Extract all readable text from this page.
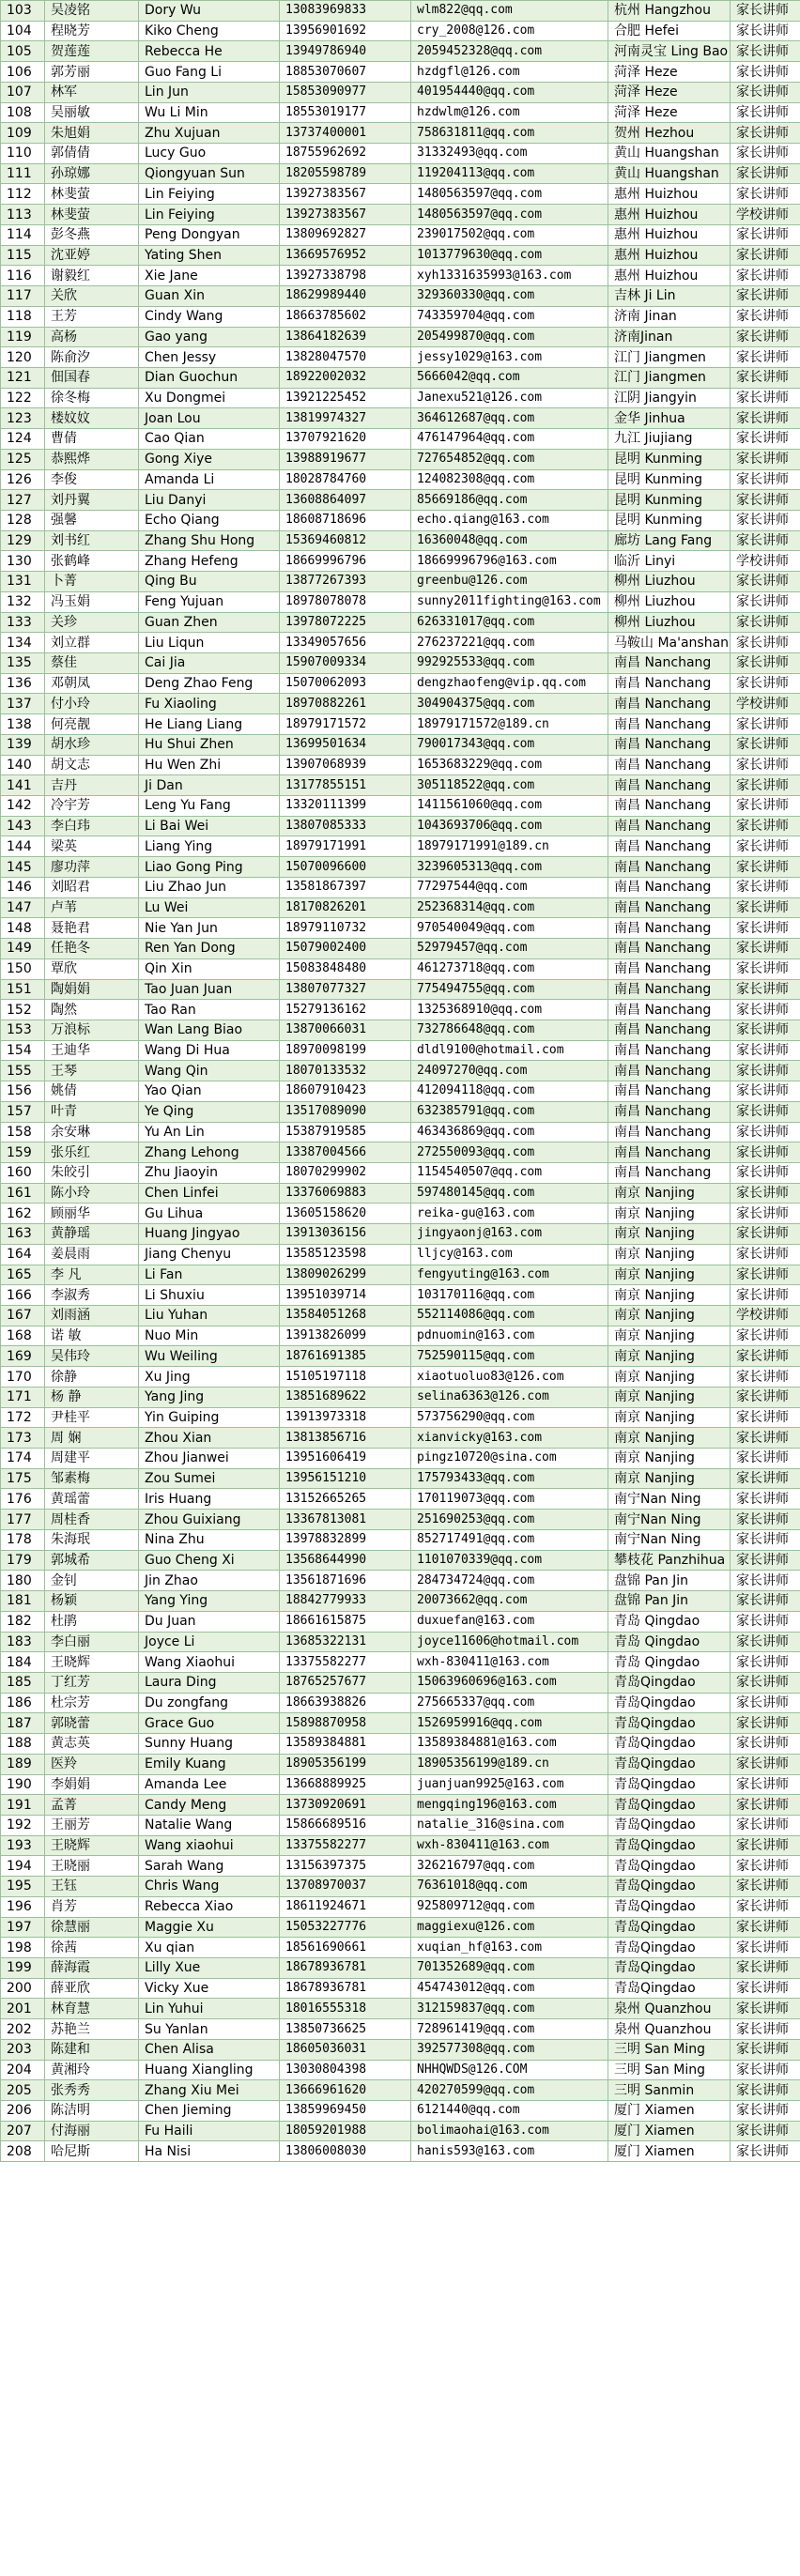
103	吴凌铭	Dory Wu	13083969833	wlm822@qq.com	杭州 Hangzhou	家长讲师
104	程晓芳	Kiko Cheng	13956901692	cry_2008@126.com	合肥 Hefei	家长讲师
105	贺莲莲	Rebecca He	13949786940	2059452328@qq.com	河南灵宝 Ling Bao	家长讲师
106	郭芳丽	Guo Fang Li	18853070607	hzdgfl@126.com	菏泽 Heze	家长讲师
107	林军	Lin Jun	15853090977	401954440@qq.com	菏泽 Heze	家长讲师
108	吴丽敏	Wu Li Min	18553019177	hzdwlm@126.com	菏泽 Heze	家长讲师
109	朱旭娟	Zhu Xujuan	13737400001	758631811@qq.com	贺州 Hezhou	家长讲师
110	郭倩倩	Lucy Guo	18755962692	31332493@qq.com	黄山 Huangshan	家长讲师
111	孙琼娜	Qiongyuan Sun	18205598789	119204113@qq.com	黄山 Huangshan	家长讲师
112	林斐萤	Lin Feiying	13927383567	1480563597@qq.com	惠州 Huizhou	家长讲师
113	林斐萤	Lin Feiying	13927383567	1480563597@qq.com	惠州 Huizhou	学校讲师
114	彭冬燕	Peng Dongyan	13809692827	239017502@qq.com	惠州 Huizhou	家长讲师
115	沈亚婷	Yating Shen	13669576952	1013779630@qq.com	惠州 Huizhou	家长讲师
116	谢毅红	Xie Jane	13927338798	xyh1331635993@163.com	惠州 Huizhou	家长讲师
117	关欣	Guan Xin	18629989440	329360330@qq.com	吉林 Ji Lin	家长讲师
118	王芳	Cindy Wang	18663785602	743359704@qq.com	济南 Jinan	家长讲师
119	高杨	Gao yang	13864182639	205499870@qq.com	济南Jinan	家长讲师
120	陈俞汐	Chen Jessy	13828047570	jessy1029@163.com	江门 Jiangmen	家长讲师
121	佃国春	Dian Guochun	18922002032	5666042@qq.com	江门 Jiangmen	家长讲师
122	徐冬梅	Xu Dongmei	13921225452	Janexu521@126.com	江阴 Jiangyin	家长讲师
123	楼妏妏	Joan Lou	13819974327	364612687@qq.com	金华 Jinhua	家长讲师
124	曹倩	Cao Qian	13707921620	476147964@qq.com	九江 Jiujiang	家长讲师
125	恭熙烨	Gong Xiye	13988919677	727654852@qq.com	昆明 Kunming	家长讲师
126	李俊	Amanda Li	18028784760	124082308@qq.com	昆明 Kunming	家长讲师
127	刘丹翼	Liu Danyi	13608864097	85669186@qq.com	昆明 Kunming	家长讲师
128	强馨	Echo Qiang	18608718696	echo.qiang@163.com	昆明 Kunming	家长讲师
129	刘书红	Zhang Shu Hong	15369460812	16360048@qq.com	廊坊 Lang Fang	家长讲师
130	张鹤峰	Zhang Hefeng	18669996796	18669996796@163.com	临沂 Linyi	学校讲师
131	卜菁	Qing Bu	13877267393	greenbu@126.com	柳州 Liuzhou	家长讲师
132	冯玉娟	Feng Yujuan	18978078078	sunny2011fighting@163.com	柳州 Liuzhou	家长讲师
133	关珍	Guan Zhen	13978072225	626331017@qq.com	柳州 Liuzhou	家长讲师
134	刘立群	Liu Liqun	13349057656	276237221@qq.com	马鞍山 Ma'anshan	家长讲师
135	蔡佳	Cai Jia	15907009334	992925533@qq.com	南昌 Nanchang	家长讲师
136	邓朝凤	Deng Zhao Feng	15070062093	dengzhaofeng@vip.qq.com	南昌 Nanchang	家长讲师
137	付小玲	Fu Xiaoling	18970882261	304904375@qq.com	南昌 Nanchang	学校讲师
138	何亮靓	He Liang Liang	18979171572	18979171572@189.cn	南昌 Nanchang	家长讲师
139	胡水珍	Hu Shui Zhen	13699501634	790017343@qq.com	南昌 Nanchang	家长讲师
140	胡文志	Hu Wen Zhi	13907068939	1653683229@qq.com	南昌 Nanchang	家长讲师
141	吉丹	Ji Dan	13177855151	305118522@qq.com	南昌 Nanchang	家长讲师
142	冷宇芳	Leng Yu Fang	13320111399	1411561060@qq.com	南昌 Nanchang	家长讲师
143	李白玮	Li Bai Wei	13807085333	1043693706@qq.com	南昌 Nanchang	家长讲师
144	梁英	Liang Ying	18979171991	18979171991@189.cn	南昌 Nanchang	家长讲师
145	廖功萍	Liao Gong Ping	15070096600	3239605313@qq.com	南昌 Nanchang	家长讲师
146	刘昭君	Liu Zhao Jun	13581867397	77297544@qq.com	南昌 Nanchang	家长讲师
147	卢苇	Lu Wei	18170826201	252368314@qq.com	南昌 Nanchang	家长讲师
148	聂艳君	Nie Yan Jun	18979110732	970540049@qq.com	南昌 Nanchang	家长讲师
149	任艳冬	Ren Yan Dong	15079002400	52979457@qq.com	南昌 Nanchang	家长讲师
150	覃欣	Qin Xin	15083848480	461273718@qq.com	南昌 Nanchang	家长讲师
151	陶娟娟	Tao Juan Juan	13807077327	775494755@qq.com	南昌 Nanchang	家长讲师
152	陶然	Tao Ran	15279136162	1325368910@qq.com	南昌 Nanchang	家长讲师
153	万浪标	Wan Lang Biao	13870066031	732786648@qq.com	南昌 Nanchang	家长讲师
154	王迪华	Wang Di Hua	18970098199	dldl9100@hotmail.com	南昌 Nanchang	家长讲师
155	王琴	Wang Qin	18070133532	24097270@qq.com	南昌 Nanchang	家长讲师
156	姚倩	Yao Qian	18607910423	412094118@qq.com	南昌 Nanchang	家长讲师
157	叶青	Ye Qing	13517089090	632385791@qq.com	南昌 Nanchang	家长讲师
158	余安琳	Yu An Lin	15387919585	463436869@qq.com	南昌 Nanchang	家长讲师
159	张乐红	Zhang Lehong	13387004566	272550093@qq.com	南昌 Nanchang	家长讲师
160	朱皎引	Zhu Jiaoyin	18070299902	1154540507@qq.com	南昌 Nanchang	家长讲师
161	陈小玲	Chen Linfei	13376069883	597480145@qq.com	南京 Nanjing	家长讲师
162	顾丽华	Gu Lihua	13605158620	reika-gu@163.com	南京 Nanjing	家长讲师
163	黄静瑶	Huang Jingyao	13913036156	jingyaonj@163.com	南京 Nanjing	家长讲师
164	姜晨雨	Jiang Chenyu	13585123598	lljcy@163.com	南京 Nanjing	家长讲师
165	李 凡	Li Fan	13809026299	fengyuting@163.com	南京 Nanjing	家长讲师
166	李淑秀	Li Shuxiu	13951039714	103170116@qq.com	南京 Nanjing	家长讲师
167	刘雨涵	Liu Yuhan	13584051268	552114086@qq.com	南京 Nanjing	学校讲师
168	诺 敏	Nuo Min	13913826099	pdnuomin@163.com	南京 Nanjing	家长讲师
169	吴伟玲	Wu Weiling	18761691385	752590115@qq.com	南京 Nanjing	家长讲师
170	徐静	Xu Jing	15105197118	xiaotuoluo83@126.com	南京 Nanjing	家长讲师
171	杨 静	Yang Jing	13851689622	selina6363@126.com	南京 Nanjing	家长讲师
172	尹桂平	Yin Guiping	13913973318	573756290@qq.com	南京 Nanjing	家长讲师
173	周 娴	Zhou Xian	13813856716	xianvicky@163.com	南京 Nanjing	家长讲师
174	周建平	Zhou Jianwei	13951606419	pingz10720@sina.com	南京 Nanjing	家长讲师
175	邹素梅	Zou Sumei	13956151210	175793433@qq.com	南京 Nanjing	家长讲师
176	黄瑶蕾	Iris Huang	13152665265	170119073@qq.com	南宁Nan Ning	家长讲师
177	周桂香	Zhou Guixiang	13367813081	251690253@qq.com	南宁Nan Ning	家长讲师
178	朱海珉	Nina Zhu	13978832899	852717491@qq.com	南宁Nan Ning	家长讲师
179	郭城希	Guo Cheng Xi	13568644990	1101070339@qq.com	攀枝花 Panzhihua	家长讲师
180	金钊	Jin Zhao	13561871696	284734724@qq.com	盘锦 Pan Jin	家长讲师
181	杨颖	Yang Ying	18842779933	20073662@qq.com	盘锦 Pan Jin	家长讲师
182	杜鹃	Du Juan	18661615875	duxuefan@163.com	青岛 Qingdao	家长讲师
183	李白丽	Joyce Li	13685322131	joyce11606@hotmail.com	青岛 Qingdao	家长讲师
184	王晓辉	Wang Xiaohui	13375582277	wxh-830411@163.com	青岛 Qingdao	家长讲师
185	丁红芳	Laura Ding	18765257677	15063960696@163.com	青岛Qingdao	家长讲师
186	杜宗芳	Du zongfang	18663938826	275665337@qq.com	青岛Qingdao	家长讲师
187	郭晓蕾	Grace Guo	15898870958	1526959916@qq.com	青岛Qingdao	家长讲师
188	黄志英	Sunny Huang	13589384881	13589384881@163.com	青岛Qingdao	家长讲师
189	医羚	Emily Kuang	18905356199	18905356199@189.cn	青岛Qingdao	家长讲师
190	李娟娟	Amanda Lee	13668889925	juanjuan9925@163.com	青岛Qingdao	家长讲师
191	孟菁	Candy Meng	13730920691	mengqing196@163.com	青岛Qingdao	家长讲师
192	王丽芳	Natalie Wang	15866689516	natalie_316@sina.com	青岛Qingdao	家长讲师
193	王晓辉	Wang xiaohui	13375582277	wxh-830411@163.com	青岛Qingdao	家长讲师
194	王晓丽	Sarah Wang	13156397375	326216797@qq.com	青岛Qingdao	家长讲师
195	王钰	Chris Wang	13708970037	76361018@qq.com	青岛Qingdao	家长讲师
196	肖芳	Rebecca Xiao	18611924671	925809712@qq.com	青岛Qingdao	家长讲师
197	徐慧丽	Maggie Xu	15053227776	maggiexu@126.com	青岛Qingdao	家长讲师
198	徐茜	Xu qian	18561690661	xuqian_hf@163.com	青岛Qingdao	家长讲师
199	薛海霞	Lilly Xue	18678936781	701352689@qq.com	青岛Qingdao	家长讲师
200	薛亚欣	Vicky Xue	18678936781	454743012@qq.com	青岛Qingdao	家长讲师
201	林育慧	Lin Yuhui	18016555318	312159837@qq.com	泉州 Quanzhou	家长讲师
202	苏艳兰	Su Yanlan	13850736625	728961419@qq.com	泉州 Quanzhou	家长讲师
203	陈建和	Chen Alisa	18605036031	392577308@qq.com	三明 San Ming	家长讲师
204	黄湘玲	Huang Xiangling	13030804398	NHHQWDS@126.COM	三明 San Ming	家长讲师
205	张秀秀	Zhang Xiu Mei	13666961620	420270599@qq.com	三明 Sanmin	家长讲师
206	陈洁明	Chen Jieming	13859969450	6121440@qq.com	厦门 Xiamen	家长讲师
207	付海丽	Fu Haili	18059201988	bolimaohai@163.com	厦门 Xiamen	家长讲师
208	哈尼斯	Ha Nisi	13806008030	hanis593@163.com	厦门 Xiamen	家长讲师
